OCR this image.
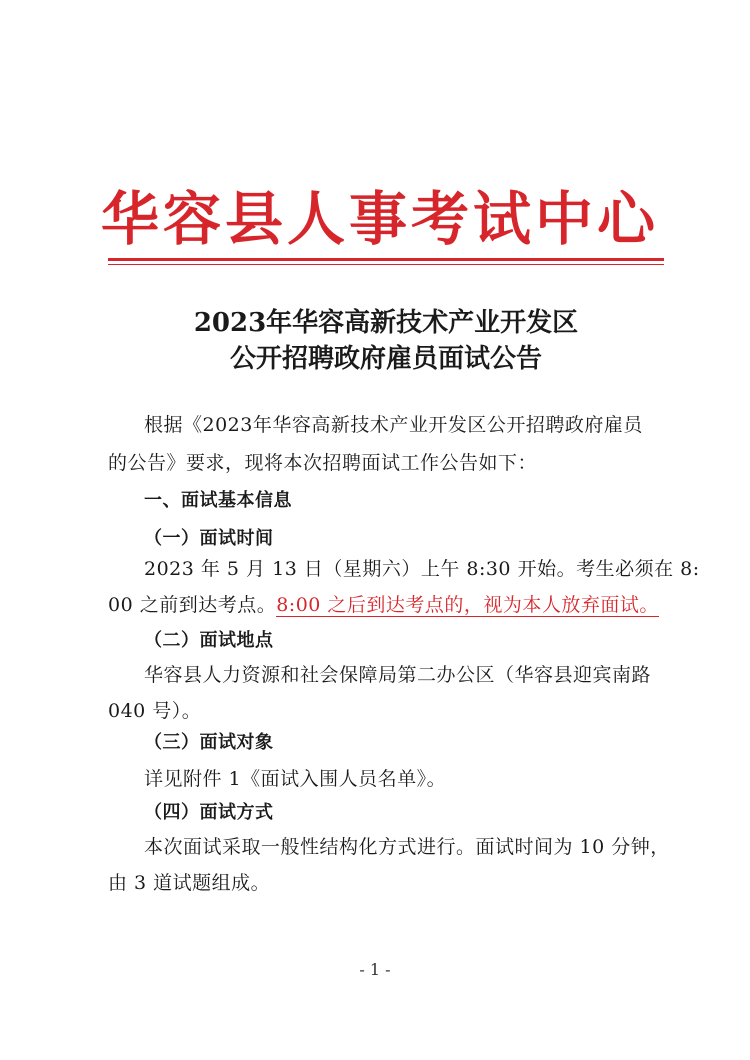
华容县人事考试中心
2023年华容高新技术产业开发区
公开招聘政府雇员面试公告
根据《2023年华容高新技术产业开发区公开招聘政府雇员
的公告》要求，现将本次招聘面试工作公告如下：
一、面试基本信息
（一）面试时间
2023 年 5 月 13 日（星期六）上午 8:30 开始。考生必须在 8:
00 之前到达考点。8:00 之后到达考点的，视为本人放弃面试。
（二）面试地点
华容县人力资源和社会保障局第二办公区（华容县迎宾南路
040 号）。
（三）面试对象
详见附件 1《面试入围人员名单》。
（四）面试方式
本次面试采取一般性结构化方式进行。面试时间为 10 分钟，
由 3 道试题组成。
- 1 -
